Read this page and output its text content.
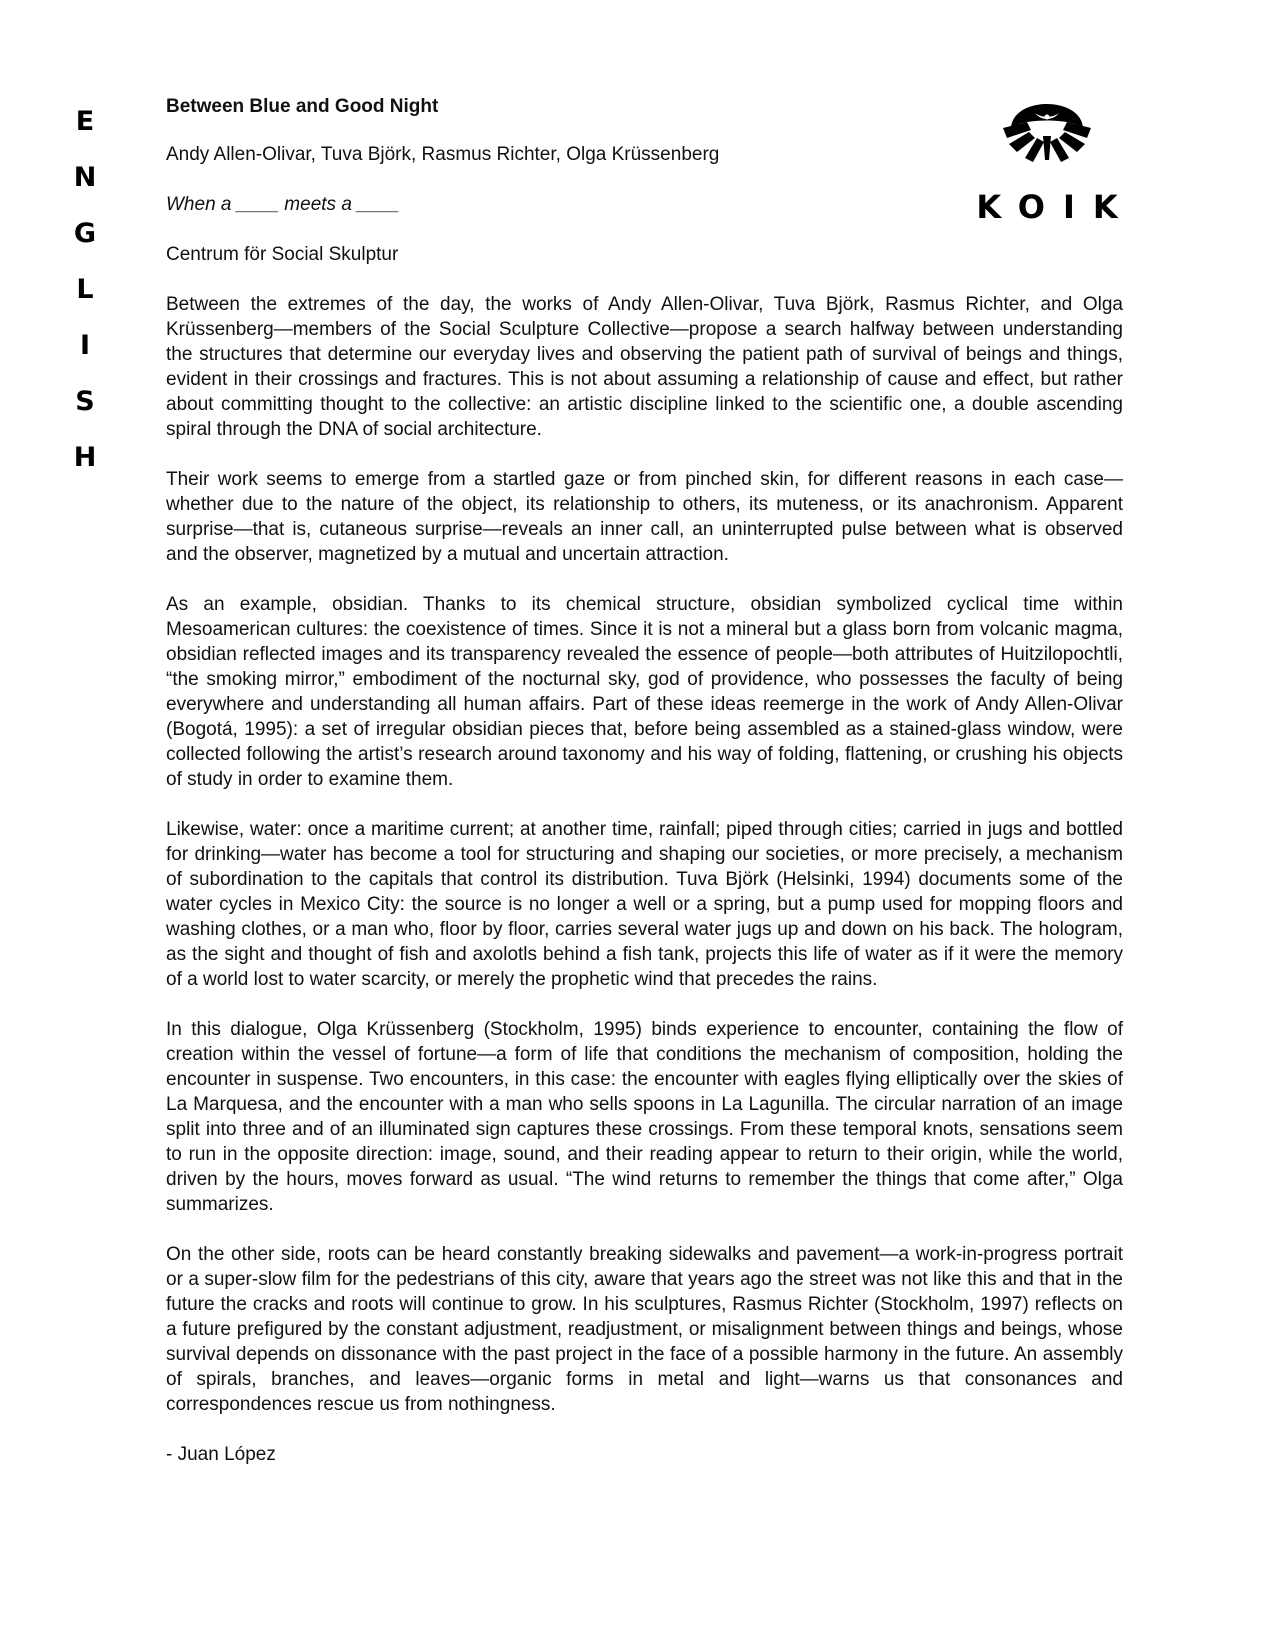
E
N
G
L
I
S
H
KOIK
Between Blue and Good Night
Andy Allen-Olivar, Tuva Björk, Rasmus Richter, Olga Krüssenberg
When a ____ meets a ____
Centrum för Social Skulptur

Between the extremes of the day, the works of Andy Allen-Olivar, Tuva Björk, Rasmus Richter, and Olga Krüssenberg—members of the Social Sculpture Collective—propose a search halfway between understanding the structures that determine our everyday lives and observing the patient path of survival of beings and things, evident in their crossings and fractures. This is not about assuming a relationship of cause and effect, but rather about committing thought to the collective: an artistic discipline linked to the scientific one, a double ascending spiral through the DNA of social architecture.

Their work seems to emerge from a startled gaze or from pinched skin, for different reasons in each case—whether due to the nature of the object, its relationship to others, its muteness, or its anachronism. Apparent surprise—that is, cutaneous surprise—reveals an inner call, an uninterrupted pulse between what is observed and the observer, magnetized by a mutual and uncertain attraction.

As an example, obsidian. Thanks to its chemical structure, obsidian symbolized cyclical time within Mesoamerican cultures: the coexistence of times. Since it is not a mineral but a glass born from volcanic magma, obsidian reflected images and its transparency revealed the essence of people—both attributes of Huitzilopochtli, “the smoking mirror,” embodiment of the nocturnal sky, god of providence, who possesses the faculty of being everywhere and understanding all human affairs. Part of these ideas reemerge in the work of Andy Allen-Olivar (Bogotá, 1995): a set of irregular obsidian pieces that, before being assembled as a stained-glass window, were collected following the artist’s research around taxonomy and his way of folding, flattening, or crushing his objects of study in order to examine them.

Likewise, water: once a maritime current; at another time, rainfall; piped through cities; carried in jugs and bottled for drinking—water has become a tool for structuring and shaping our societies, or more precisely, a mechanism of subordination to the capitals that control its distribution. Tuva Björk (Helsinki, 1994) documents some of the water cycles in Mexico City: the source is no longer a well or a spring, but a pump used for mopping floors and washing clothes, or a man who, floor by floor, carries several water jugs up and down on his back. The hologram, as the sight and thought of fish and axolotls behind a fish tank, projects this life of water as if it were the memory of a world lost to water scarcity, or merely the prophetic wind that precedes the rains.

In this dialogue, Olga Krüssenberg (Stockholm, 1995) binds experience to encounter, containing the flow of creation within the vessel of fortune—a form of life that conditions the mechanism of composition, holding the encounter in suspense. Two encounters, in this case: the encounter with eagles flying elliptically over the skies of La Marquesa, and the encounter with a man who sells spoons in La Lagunilla. The circular narration of an image split into three and of an illuminated sign captures these crossings. From these temporal knots, sensations seem to run in the opposite direction: image, sound, and their reading appear to return to their origin, while the world, driven by the hours, moves forward as usual. “The wind returns to remember the things that come after,” Olga summarizes.

On the other side, roots can be heard constantly breaking sidewalks and pavement—a work-in-progress portrait or a super-slow film for the pedestrians of this city, aware that years ago the street was not like this and that in the future the cracks and roots will continue to grow. In his sculptures, Rasmus Richter (Stockholm, 1997) reflects on a future prefigured by the constant adjustment, readjustment, or misalignment between things and beings, whose survival depends on dissonance with the past project in the face of a possible harmony in the future. An assembly of spirals, branches, and leaves—organic forms in metal and light—warns us that consonances and correspondences rescue us from nothingness.

- Juan López
